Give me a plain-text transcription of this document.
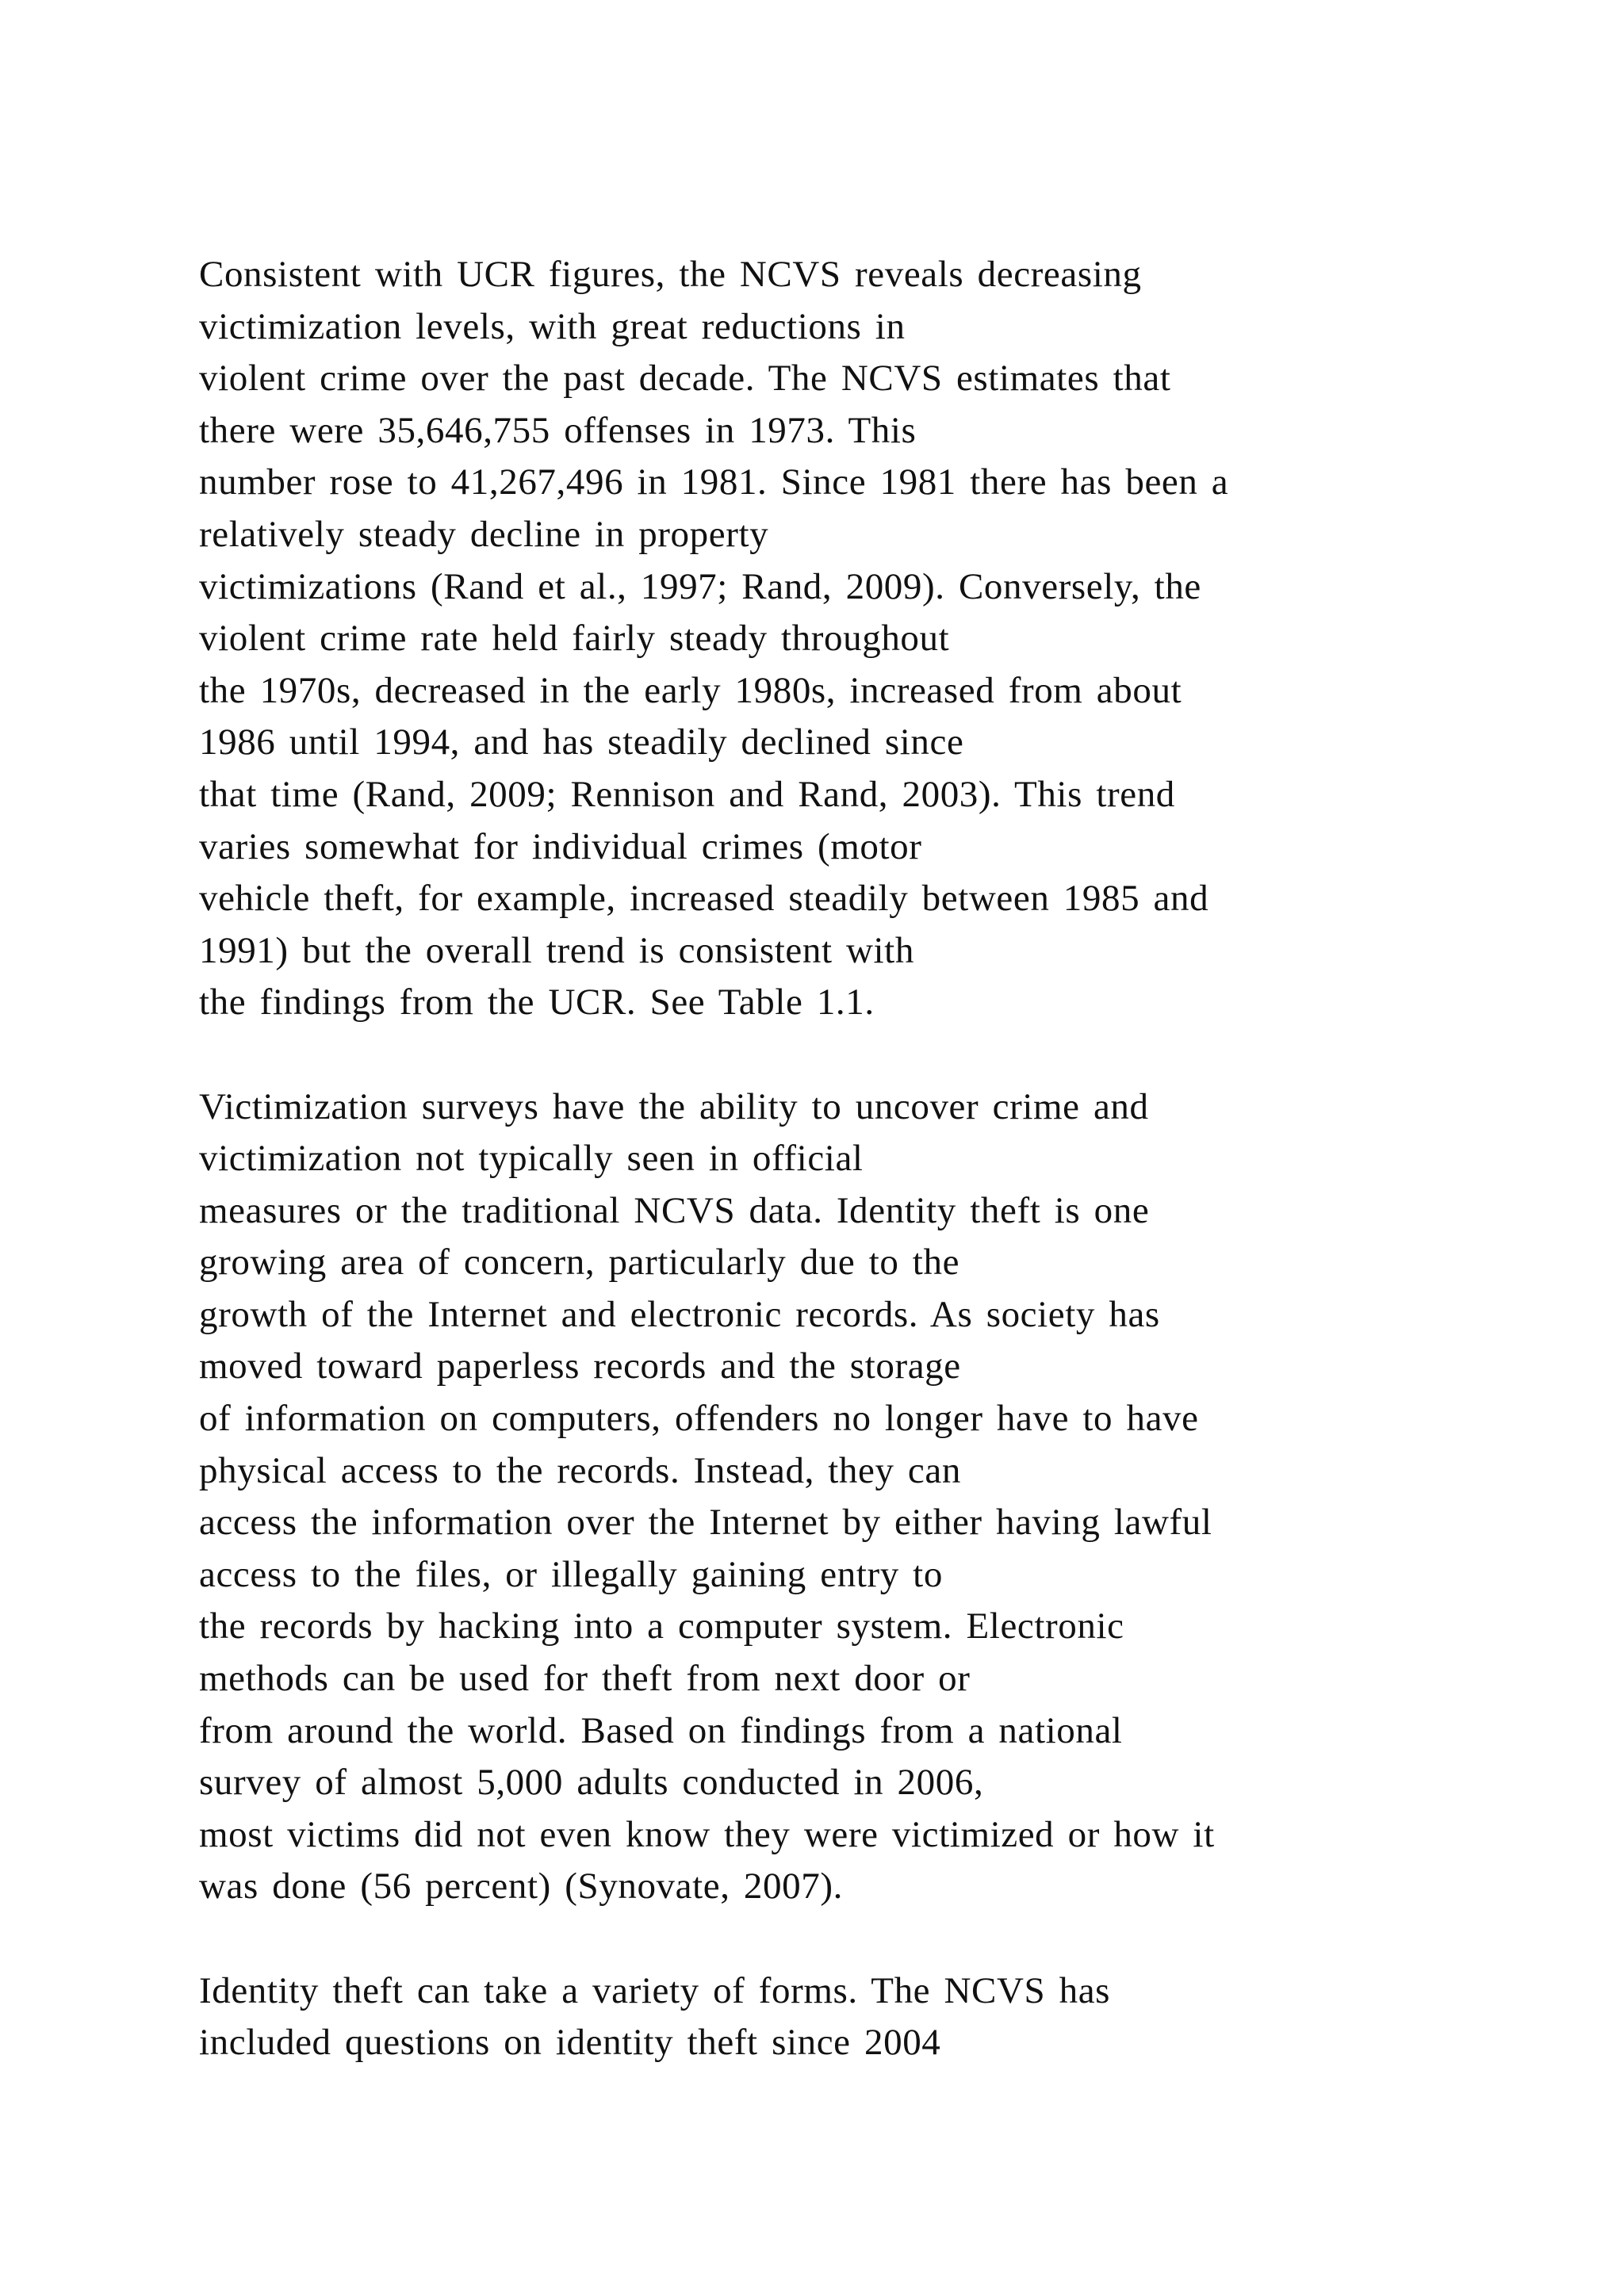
Consistent with UCR figures, the NCVS reveals decreasing
victimization levels, with great reductions in
violent crime over the past decade. The NCVS estimates that
there were 35,646,755 offenses in 1973. This
number rose to 41,267,496 in 1981. Since 1981 there has been a
relatively steady decline in property
victimizations (Rand et al., 1997; Rand, 2009). Conversely, the
violent crime rate held fairly steady throughout
the 1970s, decreased in the early 1980s, increased from about
1986 until 1994, and has steadily declined since
that time (Rand, 2009; Rennison and Rand, 2003). This trend
varies somewhat for individual crimes (motor
vehicle theft, for example, increased steadily between 1985 and
1991) but the overall trend is consistent with
the findings from the UCR. See Table 1.1.
Victimization surveys have the ability to uncover crime and
victimization not typically seen in official
measures or the traditional NCVS data. Identity theft is one
growing area of concern, particularly due to the
growth of the Internet and electronic records. As society has
moved toward paperless records and the storage
of information on computers, offenders no longer have to have
physical access to the records. Instead, they can
access the information over the Internet by either having lawful
access to the files, or illegally gaining entry to
the records by hacking into a computer system. Electronic
methods can be used for theft from next door or
from around the world. Based on findings from a national
survey of almost 5,000 adults conducted in 2006,
most victims did not even know they were victimized or how it
was done (56 percent) (Synovate, 2007).
Identity theft can take a variety of forms. The NCVS has
included questions on identity theft since 2004
